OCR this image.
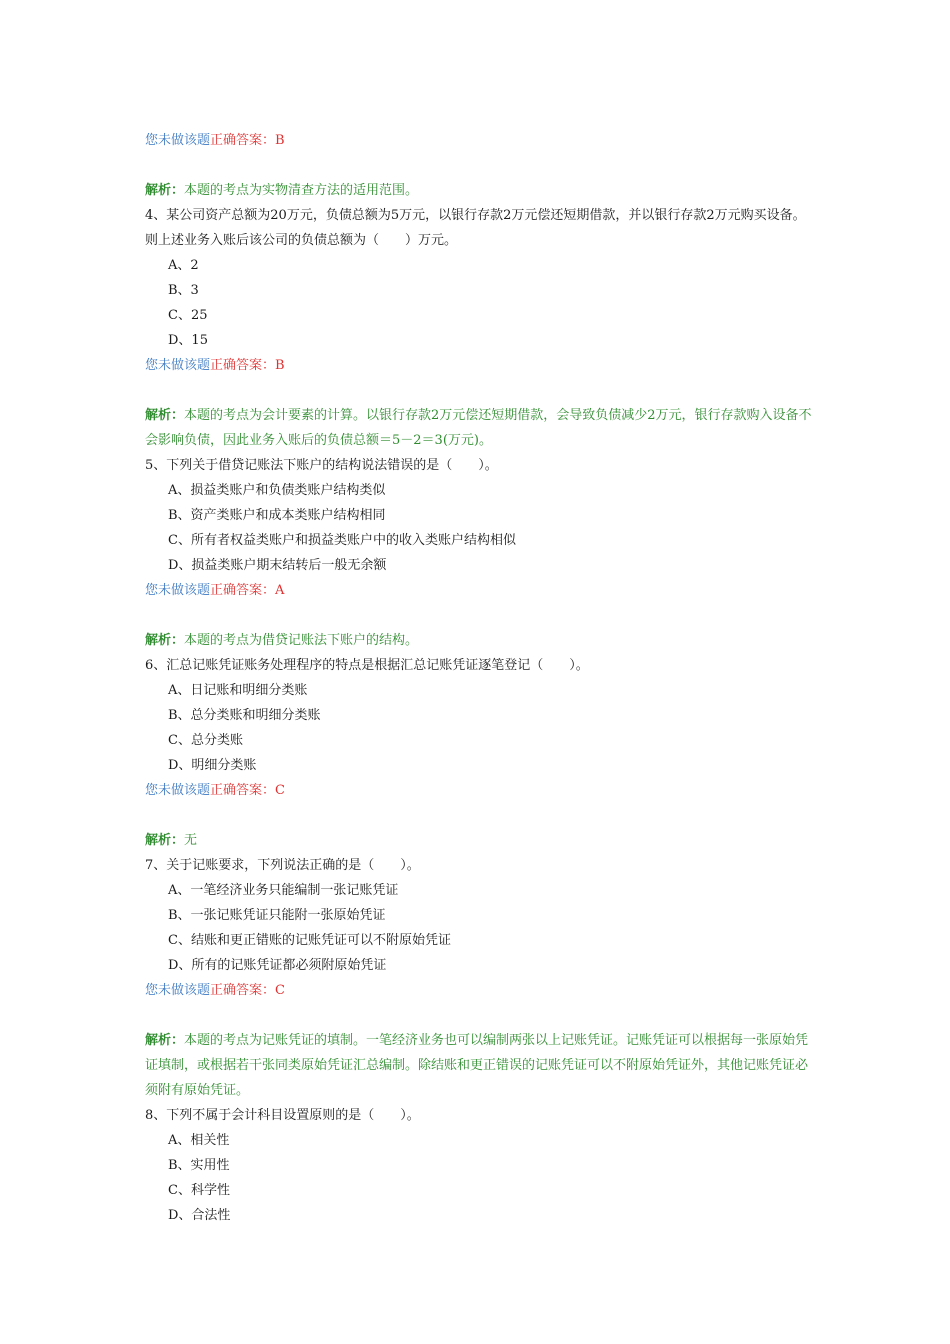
您未做该题正确答案：B
解析：本题的考点为实物清查方法的适用范围。
4、某公司资产总额为20万元，负债总额为5万元，以银行存款2万元偿还短期借款，并以银行存款2万元购买设备。则上述业务入账后该公司的负债总额为（　　）万元。
A、2
B、3
C、25
D、15
您未做该题正确答案：B
解析：本题的考点为会计要素的计算。以银行存款2万元偿还短期借款，会导致负债减少2万元，银行存款购入设备不会影响负债，因此业务入账后的负债总额＝5－2＝3(万元)。
5、下列关于借贷记账法下账户的结构说法错误的是（　　）。
A、损益类账户和负债类账户结构类似
B、资产类账户和成本类账户结构相同
C、所有者权益类账户和损益类账户中的收入类账户结构相似
D、损益类账户期末结转后一般无余额
您未做该题正确答案：A
解析：本题的考点为借贷记账法下账户的结构。
6、汇总记账凭证账务处理程序的特点是根据汇总记账凭证逐笔登记（　　）。
A、日记账和明细分类账
B、总分类账和明细分类账
C、总分类账
D、明细分类账
您未做该题正确答案：C
解析：无
7、关于记账要求，下列说法正确的是（　　）。
A、一笔经济业务只能编制一张记账凭证
B、一张记账凭证只能附一张原始凭证
C、结账和更正错账的记账凭证可以不附原始凭证
D、所有的记账凭证都必须附原始凭证
您未做该题正确答案：C
解析：本题的考点为记账凭证的填制。一笔经济业务也可以编制两张以上记账凭证。记账凭证可以根据每一张原始凭证填制，或根据若干张同类原始凭证汇总编制。除结账和更正错误的记账凭证可以不附原始凭证外，其他记账凭证必须附有原始凭证。
8、下列不属于会计科目设置原则的是（　　）。
A、相关性
B、实用性
C、科学性
D、合法性
